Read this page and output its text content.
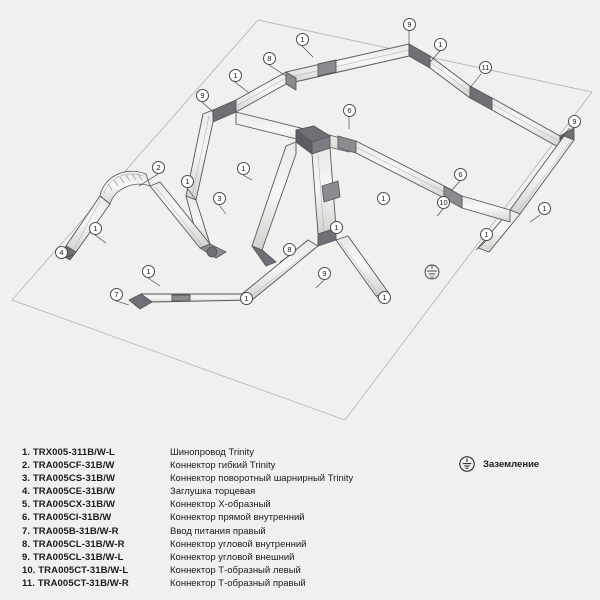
9
1
1
8
11
1
9
6
9
2	1
1
3	1
6
10
1
1	1
1
4	8
1	9
7	1	1
1. TRX005-311B/W-L	Шинопровод Trinity
2. TRA005CF-31B/W	Коннектор гибкий Trinity
3. TRA005CS-31B/W	Коннектор поворотный шарнирный Trinity
4. TRA005CE-31B/W	Заглушка торцевая
5. TRA005CX-31B/W	Коннектор Х-образный
6. TRA005CI-31B/W	Коннектор прямой внутренний
7. TRA005B-31B/W-R	Ввод питания правый
8. TRA005CL-31B/W-R	Коннектор угловой внутренний
9. TRA005CL-31B/W-L	Коннектор угловой внешний
10. TRA005CT-31B/W-L	Коннектор Т-образный левый
11. TRA005CT-31B/W-R	Коннектор Т-образный правый
Заземление
